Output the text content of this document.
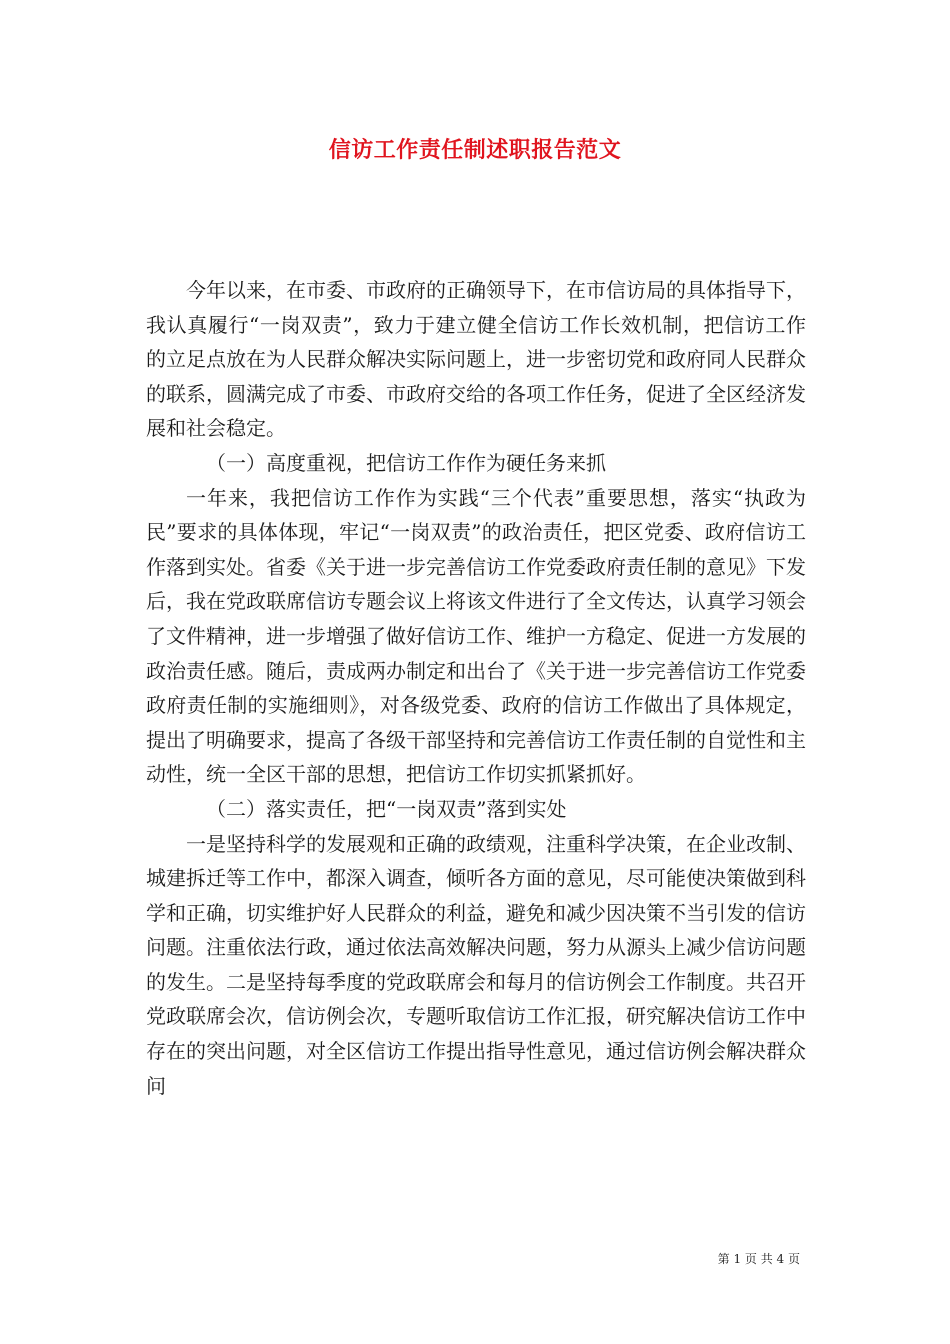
信访工作责任制述职报告范文

今年以来，在市委、市政府的正确领导下，在市信访局的具体指导下，我认真履行“一岗双责”，致力于建立健全信访工作长效机制，把信访工作的立足点放在为人民群众解决实际问题上，进一步密切党和政府同人民群众的联系，圆满完成了市委、市政府交给的各项工作任务，促进了全区经济发展和社会稳定。

（一）高度重视，把信访工作作为硬任务来抓

一年来，我把信访工作作为实践“三个代表”重要思想，落实“执政为民”要求的具体体现，牢记“一岗双责”的政治责任，把区党委、政府信访工作落到实处。省委《关于进一步完善信访工作党委政府责任制的意见》下发后，我在党政联席信访专题会议上将该文件进行了全文传达，认真学习领会了文件精神，进一步增强了做好信访工作、维护一方稳定、促进一方发展的政治责任感。随后，责成两办制定和出台了《关于进一步完善信访工作党委政府责任制的实施细则》，对各级党委、政府的信访工作做出了具体规定，提出了明确要求，提高了各级干部坚持和完善信访工作责任制的自觉性和主动性，统一全区干部的思想，把信访工作切实抓紧抓好。

（二）落实责任，把“一岗双责”落到实处

一是坚持科学的发展观和正确的政绩观，注重科学决策，在企业改制、城建拆迁等工作中，都深入调查，倾听各方面的意见，尽可能使决策做到科学和正确，切实维护好人民群众的利益，避免和减少因决策不当引发的信访问题。注重依法行政，通过依法高效解决问题，努力从源头上减少信访问题的发生。二是坚持每季度的党政联席会和每月的信访例会工作制度。共召开党政联席会次，信访例会次，专题听取信访工作汇报，研究解决信访工作中存在的突出问题，对全区信访工作提出指导性意见，通过信访例会解决群众问

第 1 页 共 4 页
